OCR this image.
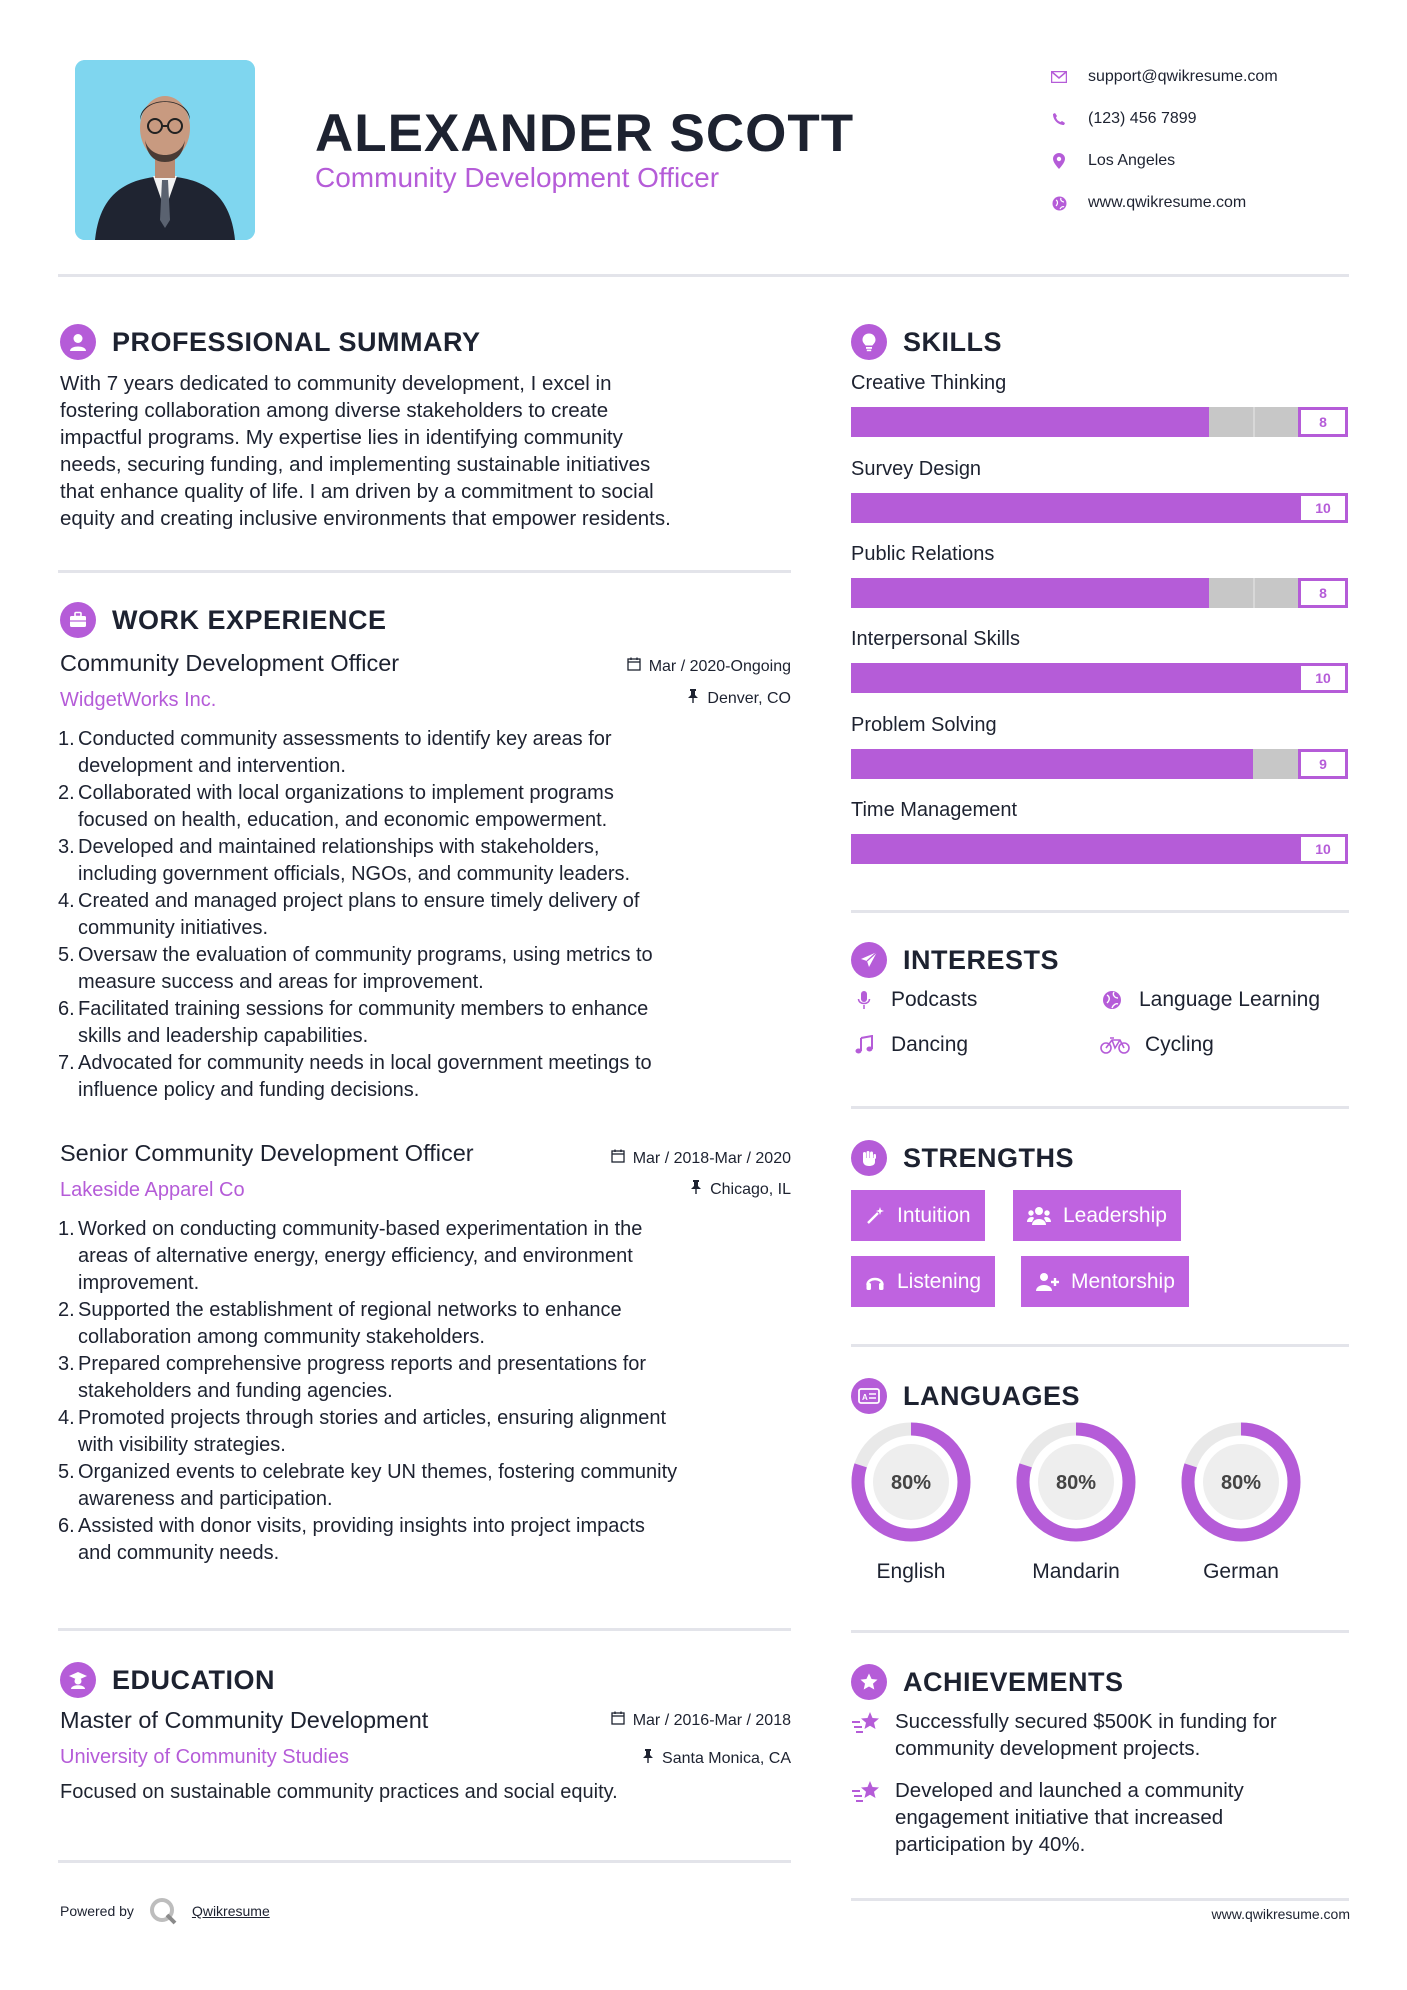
ALEXANDER SCOTT
Community Development Officer
support@qwikresume.com
(123) 456 7899
Los Angeles
www.qwikresume.com
PROFESSIONAL SUMMARY
With 7 years dedicated to community development, I excel in
fostering collaboration among diverse stakeholders to create
impactful programs. My expertise lies in identifying community
needs, securing funding, and implementing sustainable initiatives
that enhance quality of life. I am driven by a commitment to social
equity and creating inclusive environments that empower residents.
WORK EXPERIENCE
Mar / 2020-Ongoing
Denver, CO
Community Development Officer
WidgetWorks Inc.
1. Conducted community assessments to identify key areas for
development and intervention.
2. Collaborated with local organizations to implement programs
focused on health, education, and economic empowerment.
3. Developed and maintained relationships with stakeholders,
including government officials, NGOs, and community leaders.
4. Created and managed project plans to ensure timely delivery of
community initiatives.
5. Oversaw the evaluation of community programs, using metrics to
measure success and areas for improvement.
6. Facilitated training sessions for community members to enhance
skills and leadership capabilities.
7. Advocated for community needs in local government meetings to
influence policy and funding decisions.
Mar / 2018-Mar / 2020
Chicago, IL
Senior Community Development Officer
Lakeside Apparel Co
1. Worked on conducting community-based experimentation in the
areas of alternative energy, energy efficiency, and environment
improvement.
2. Supported the establishment of regional networks to enhance
collaboration among community stakeholders.
3. Prepared comprehensive progress reports and presentations for
stakeholders and funding agencies.
4. Promoted projects through stories and articles, ensuring alignment
with visibility strategies.
5. Organized events to celebrate key UN themes, fostering community
awareness and participation.
6. Assisted with donor visits, providing insights into project impacts
and community needs.
EDUCATION
Mar / 2016-Mar / 2018
Santa Monica, CA
Master of Community Development
University of Community Studies
Focused on sustainable community practices and social equity.
SKILLS
Creative Thinking
8
Survey Design
10
Public Relations
8
Interpersonal Skills
10
Problem Solving
9
Time Management
10
INTERESTS
Podcasts	Language Learning
Dancing	Cycling
STRENGTHS
Intuition	Leadership
Listening	Mentorship
A LANGUAGES
80%
English
80%
Mandarin
80%
German
ACHIEVEMENTS
Successfully secured $500K in funding for
community development projects.
Developed and launched a community
engagement initiative that increased
participation by 40%.
Powered by	Qwikresume	www.qwikresume.com
